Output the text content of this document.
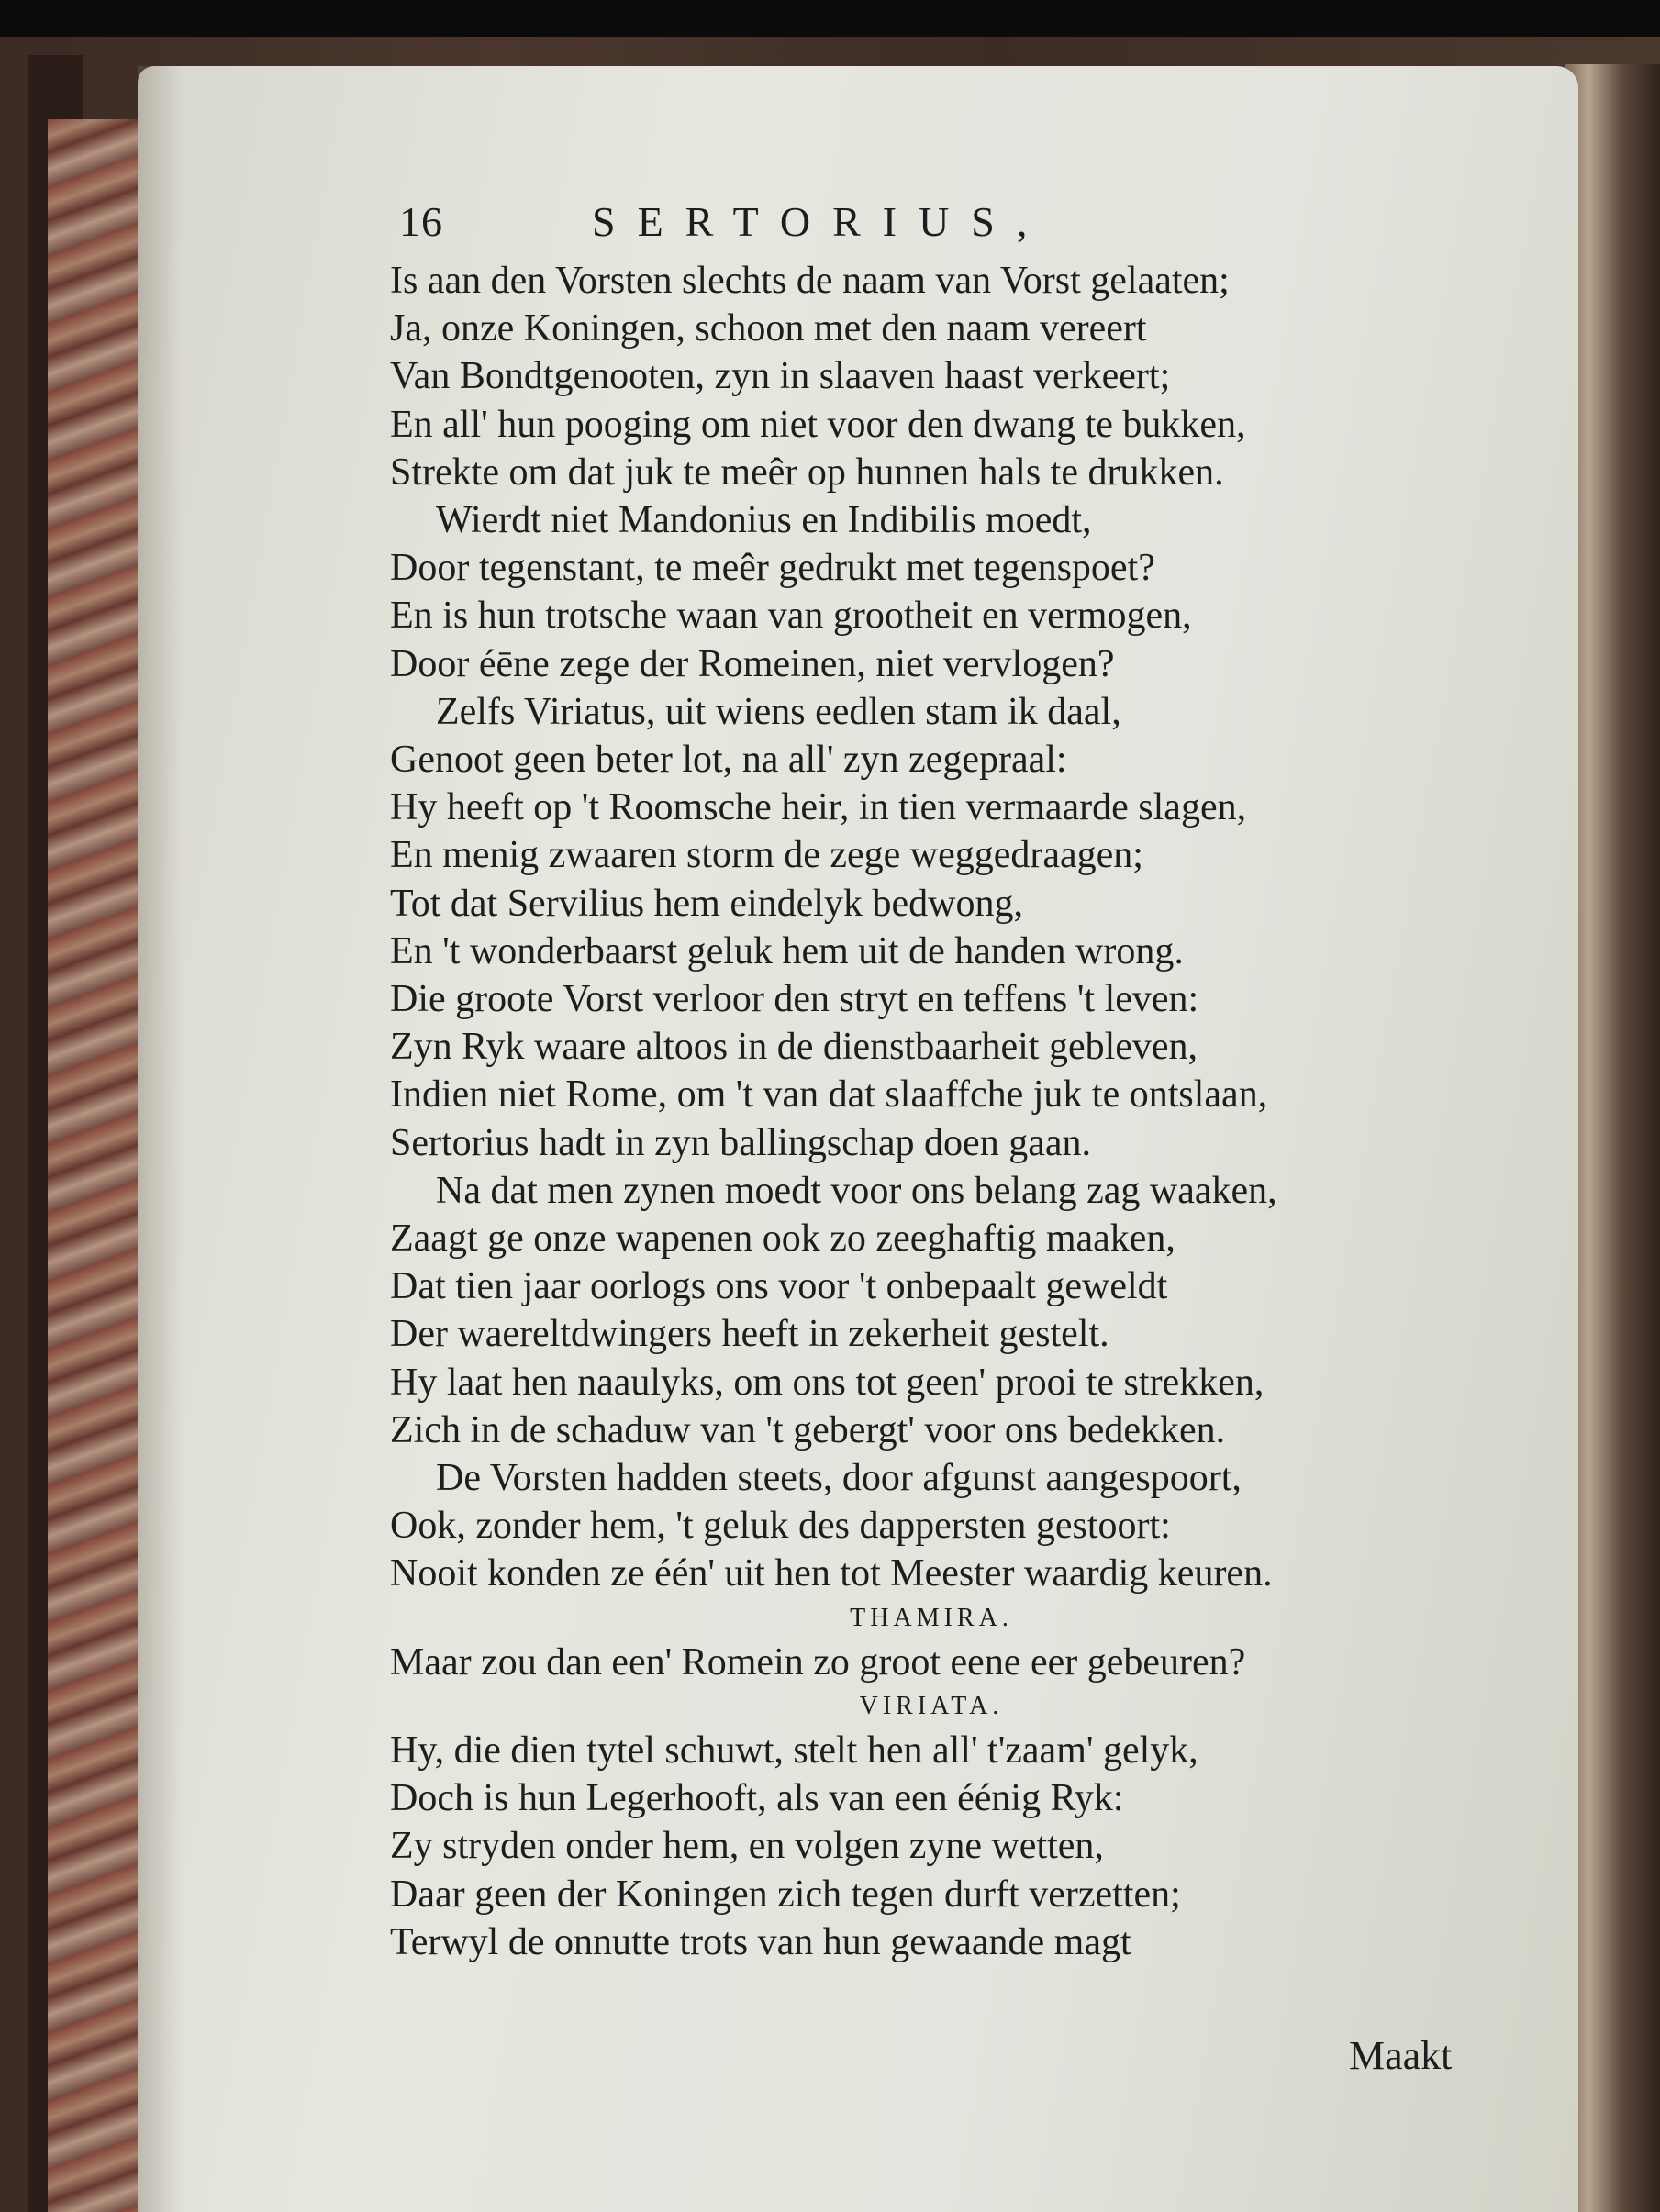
16	SERTORIUS,

Is aan den Vorsten slechts de naam van Vorst gelaaten;

Ja, onze Koningen, schoon met den naam vereert

Van Bondtgenooten, zyn in slaaven haast verkeert;

En all' hun pooging om niet voor den dwang te bukken,

Strekte om dat juk te meêr op hunnen hals te drukken.

Wierdt niet Mandonius en Indibilis moedt,

Door tegenstant, te meêr gedrukt met tegenspoet?

En is hun trotsche waan van grootheit en vermogen,

Door éēne zege der Romeinen, niet vervlogen?

Zelfs Viriatus, uit wiens eedlen stam ik daal,

Genoot geen beter lot, na all' zyn zegepraal:

Hy heeft op 't Roomsche heir, in tien vermaarde slagen,

En menig zwaaren storm de zege weggedraagen;

Tot dat Servilius hem eindelyk bedwong,

En 't wonderbaarst geluk hem uit de handen wrong.

Die groote Vorst verloor den stryt en teffens 't leven:

Zyn Ryk waare altoos in de dienstbaarheit gebleven,

Indien niet Rome, om 't van dat slaaffche juk te ontslaan,

Sertorius hadt in zyn ballingschap doen gaan.

Na dat men zynen moedt voor ons belang zag waaken,

Zaagt ge onze wapenen ook zo zeeghaftig maaken,

Dat tien jaar oorlogs ons voor 't onbepaalt geweldt

Der waereltdwingers heeft in zekerheit gestelt.

Hy laat hen naaulyks, om ons tot geen' prooi te strekken,

Zich in de schaduw van 't gebergt' voor ons bedekken.

De Vorsten hadden steets, door afgunst aangespoort,

Ook, zonder hem, 't geluk des dappersten gestoort:

Nooit konden ze één' uit hen tot Meester waardig keuren.

THAMIRA.

Maar zou dan een' Romein zo groot eene eer gebeuren?

VIRIATA.

Hy, die dien tytel schuwt, stelt hen all' t'zaam' gelyk,

Doch is hun Legerhooft, als van een éénig Ryk:

Zy stryden onder hem, en volgen zyne wetten,

Daar geen der Koningen zich tegen durft verzetten;

Terwyl de onnutte trots van hun gewaande magt

Maakt
